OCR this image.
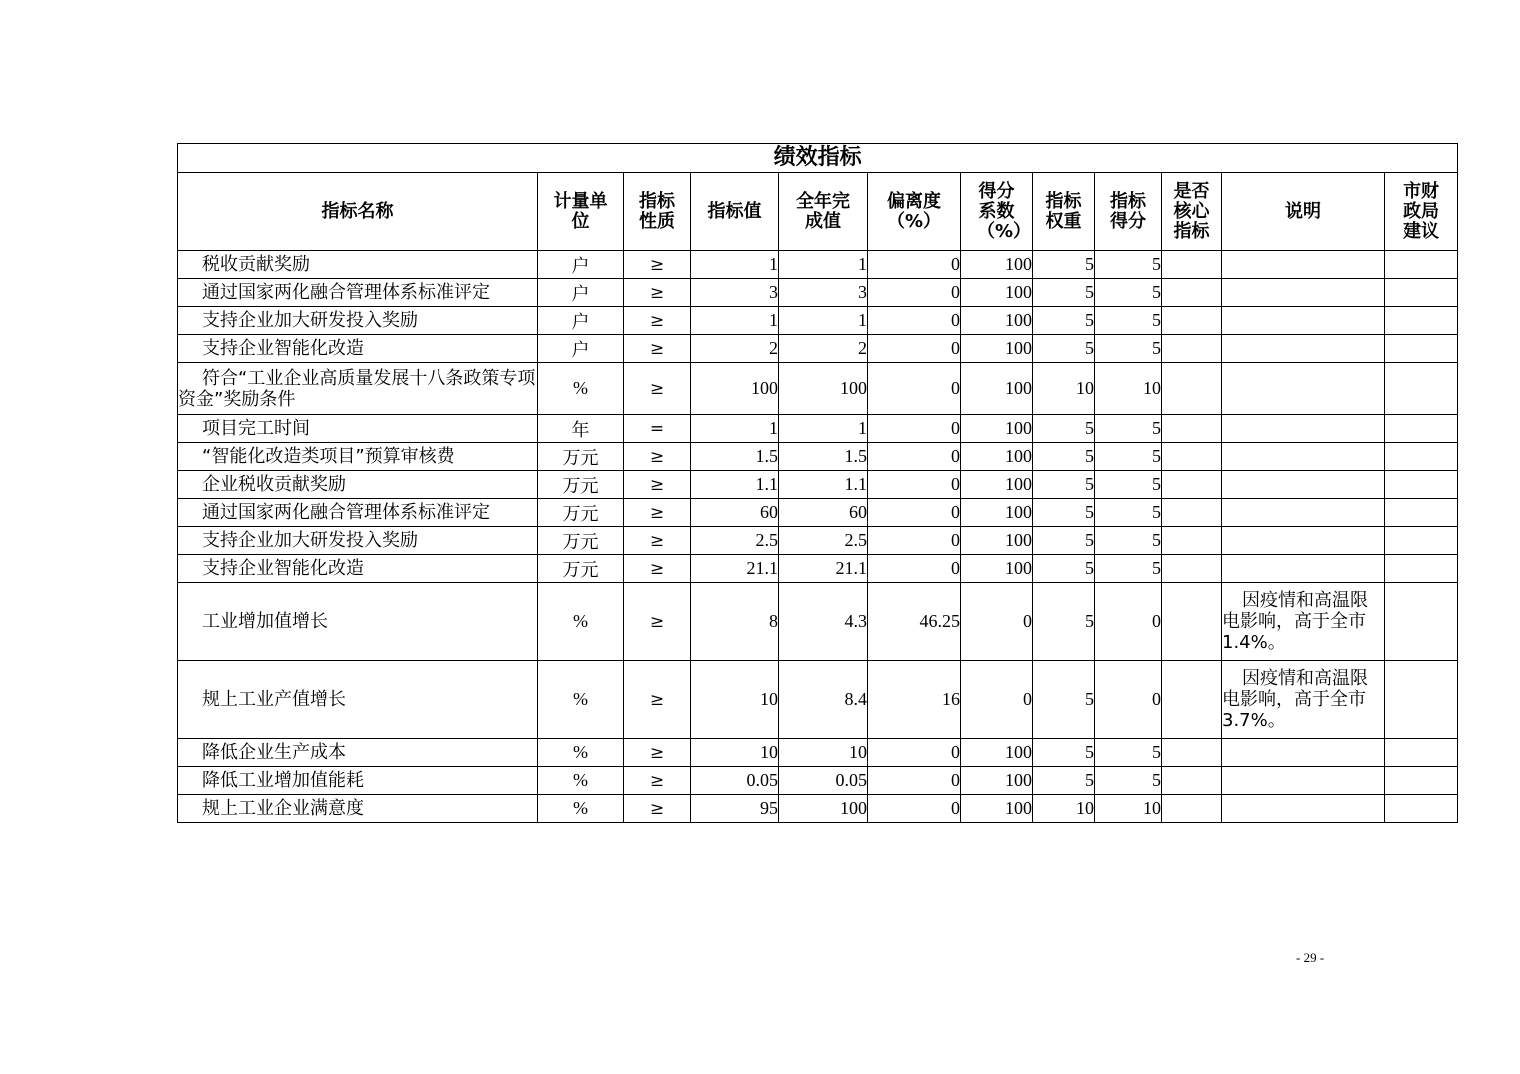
绩效指标											
指标名称	计量单位	指标性质	指标值	全年完成值	偏离度（%）	得分系数（%）	指标权重	指标得分	是否核心指标	说明	市财政局建议
税收贡献奖励	户	≥	1	1	0	100	5	5			
通过国家两化融合管理体系标准评定	户	≥	3	3	0	100	5	5			
支持企业加大研发投入奖励	户	≥	1	1	0	100	5	5			
支持企业智能化改造	户	≥	2	2	0	100	5	5			
符合“工业企业高质量发展十八条政策专项资金”奖励条件	%	≥	100	100	0	100	10	10			
项目完工时间	年	=	1	1	0	100	5	5			
“智能化改造类项目”预算审核费	万元	≥	1.5	1.5	0	100	5	5			
企业税收贡献奖励	万元	≥	1.1	1.1	0	100	5	5			
通过国家两化融合管理体系标准评定	万元	≥	60	60	0	100	5	5			
支持企业加大研发投入奖励	万元	≥	2.5	2.5	0	100	5	5			
支持企业智能化改造	万元	≥	21.1	21.1	0	100	5	5			
工业增加值增长	%	≥	8	4.3	46.25	0	5	0		因疫情和高温限电影响，高于全市 1.4%。	
规上工业产值增长	%	≥	10	8.4	16	0	5	0		因疫情和高温限电影响，高于全市 3.7%。	
降低企业生产成本	%	≥	10	10	0	100	5	5			
降低工业增加值能耗	%	≥	0.05	0.05	0	100	5	5			
规上工业企业满意度	%	≥	95	100	0	100	10	10			
- 29 -
